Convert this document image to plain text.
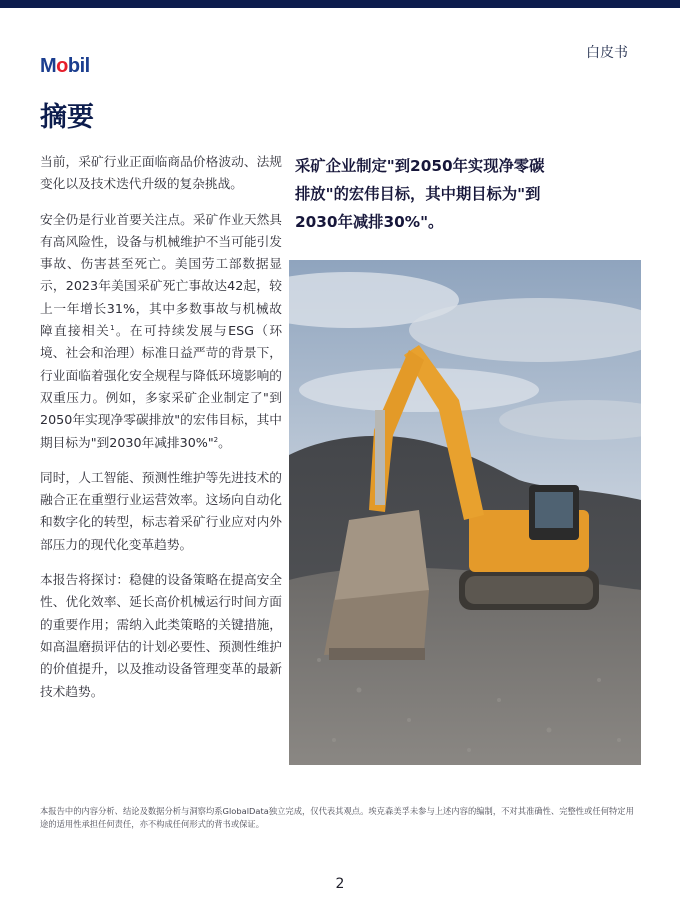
Mobil
白皮书
摘要

当前，采矿行业正面临商品价格波动、法规变化以及技术迭代升级的复杂挑战。

安全仍是行业首要关注点。采矿作业天然具有高风险性，设备与机械维护不当可能引发事故、伤害甚至死亡。美国劳工部数据显示，2023年美国采矿死亡事故达42起，较上一年增长31%，其中多数事故与机械故障直接相关$^1$。在可持续发展与ESG（环境、社会和治理）标准日益严苛的背景下，行业面临着强化安全规程与降低环境影响的双重压力。例如，多家采矿企业制定了"到2050年实现净零碳排放"的宏伟目标，其中期目标为"到2030年减排30%"$^2$。

同时，人工智能、预测性维护等先进技术的融合正在重塑行业运营效率。这场向自动化和数字化的转型，标志着采矿行业应对内外部压力的现代化变革趋势。

本报告将探讨：稳健的设备策略在提高安全性、优化效率、延长高价机械运行时间方面的重要作用；需纳入此类策略的关键措施，如高温磨损评估的计划必要性、预测性维护的价值提升，以及推动设备管理变革的最新技术趋势。

采矿企业制定"到2050年实现净零碳排放"的宏伟目标，其中期目标为"到2030年减排30%"。

本报告中的内容分析、结论及数据分析与洞察均系GlobalData独立完成，仅代表其观点。埃克森美孚未参与上述内容的编制，不对其准确性、完整性或任何特定用途的适用性承担任何责任，亦不构成任何形式的背书或保证。

2
